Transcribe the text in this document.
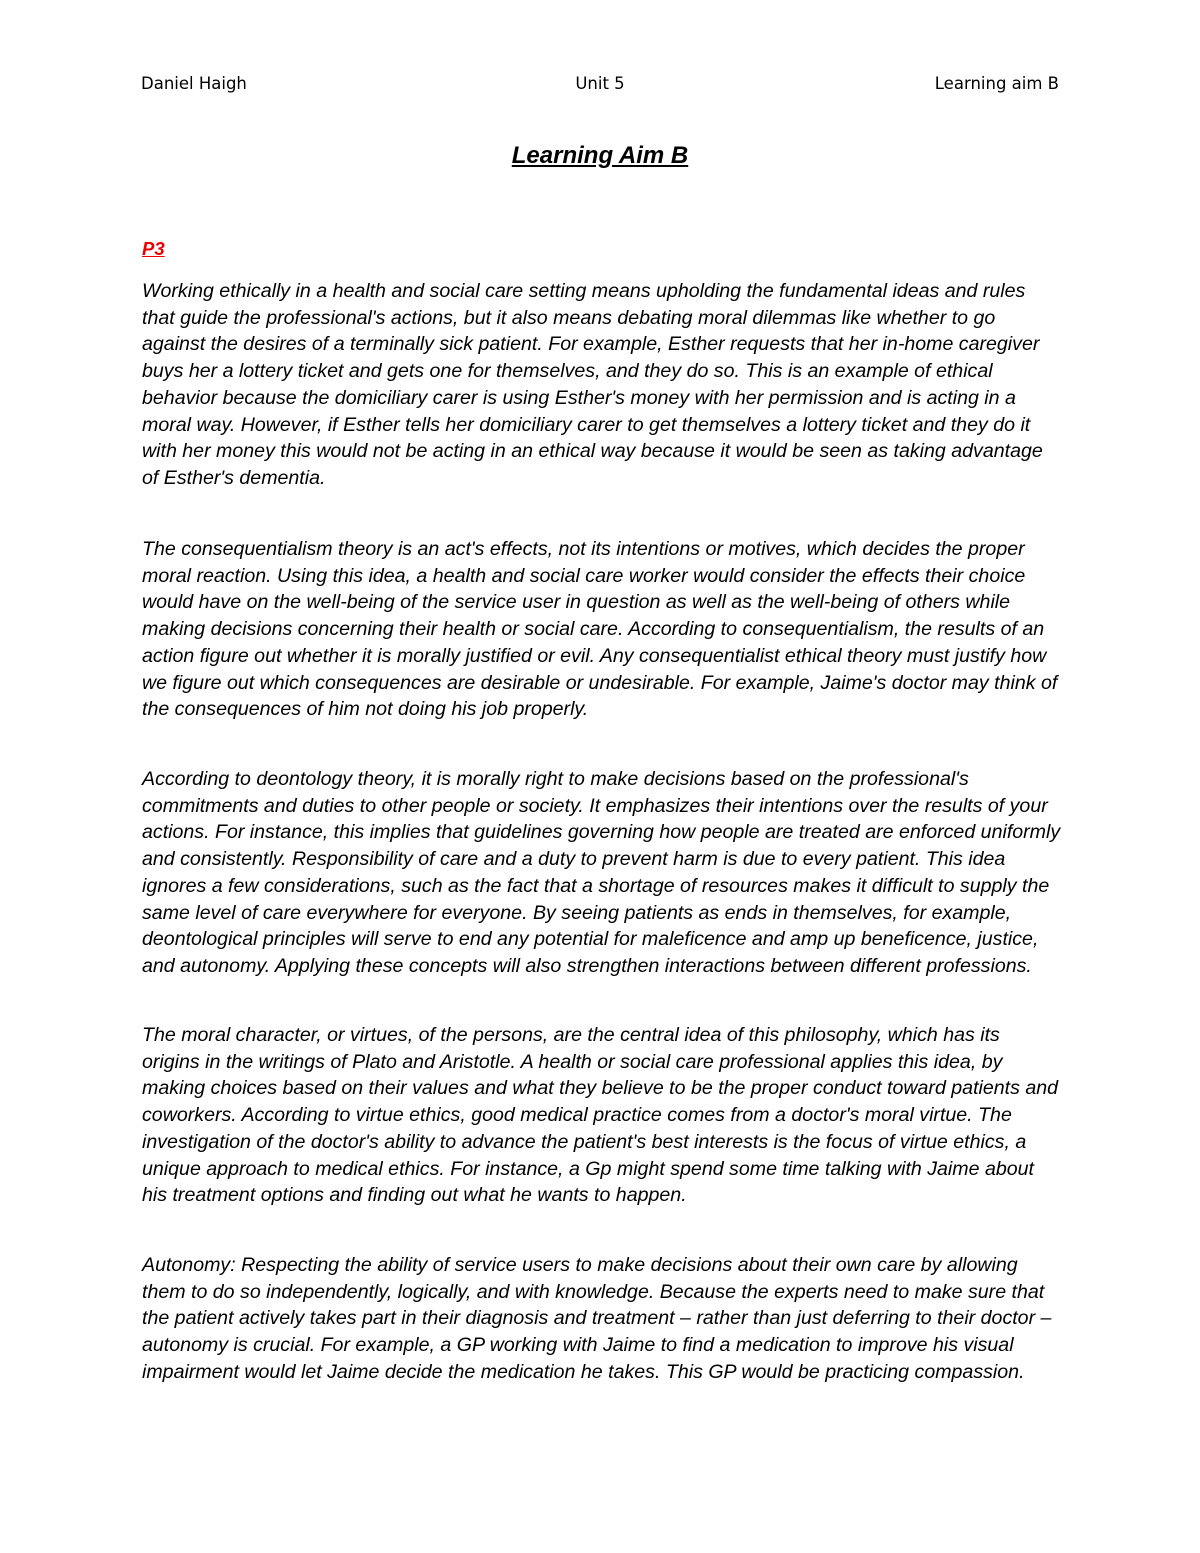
Daniel Haigh	Unit 5	Learning aim B
Learning Aim B
P3

Working ethically in a health and social care setting means upholding the fundamental ideas and rules that guide the professional's actions, but it also means debating moral dilemmas like whether to go against the desires of a terminally sick patient. For example, Esther requests that her in-home caregiver buys her a lottery ticket and gets one for themselves, and they do so. This is an example of ethical behavior because the domiciliary carer is using Esther's money with her permission and is acting in a moral way. However, if Esther tells her domiciliary carer to get themselves a lottery ticket and they do it with her money this would not be acting in an ethical way because it would be seen as taking advantage of Esther's dementia.

The consequentialism theory is an act's effects, not its intentions or motives, which decides the proper moral reaction. Using this idea, a health and social care worker would consider the effects their choice would have on the well-being of the service user in question as well as the well-being of others while making decisions concerning their health or social care. According to consequentialism, the results of an action figure out whether it is morally justified or evil. Any consequentialist ethical theory must justify how we figure out which consequences are desirable or undesirable. For example, Jaime's doctor may think of the consequences of him not doing his job properly.

According to deontology theory, it is morally right to make decisions based on the professional's commitments and duties to other people or society. It emphasizes their intentions over the results of your actions. For instance, this implies that guidelines governing how people are treated are enforced uniformly and consistently. Responsibility of care and a duty to prevent harm is due to every patient. This idea ignores a few considerations, such as the fact that a shortage of resources makes it difficult to supply the same level of care everywhere for everyone. By seeing patients as ends in themselves, for example, deontological principles will serve to end any potential for maleficence and amp up beneficence, justice, and autonomy. Applying these concepts will also strengthen interactions between different professions.

The moral character, or virtues, of the persons, are the central idea of this philosophy, which has its origins in the writings of Plato and Aristotle. A health or social care professional applies this idea, by making choices based on their values and what they believe to be the proper conduct toward patients and coworkers. According to virtue ethics, good medical practice comes from a doctor's moral virtue. The investigation of the doctor's ability to advance the patient's best interests is the focus of virtue ethics, a unique approach to medical ethics. For instance, a Gp might spend some time talking with Jaime about his treatment options and finding out what he wants to happen.

Autonomy: Respecting the ability of service users to make decisions about their own care by allowing them to do so independently, logically, and with knowledge. Because the experts need to make sure that the patient actively takes part in their diagnosis and treatment – rather than just deferring to their doctor – autonomy is crucial. For example, a GP working with Jaime to find a medication to improve his visual impairment would let Jaime decide the medication he takes. This GP would be practicing compassion.
